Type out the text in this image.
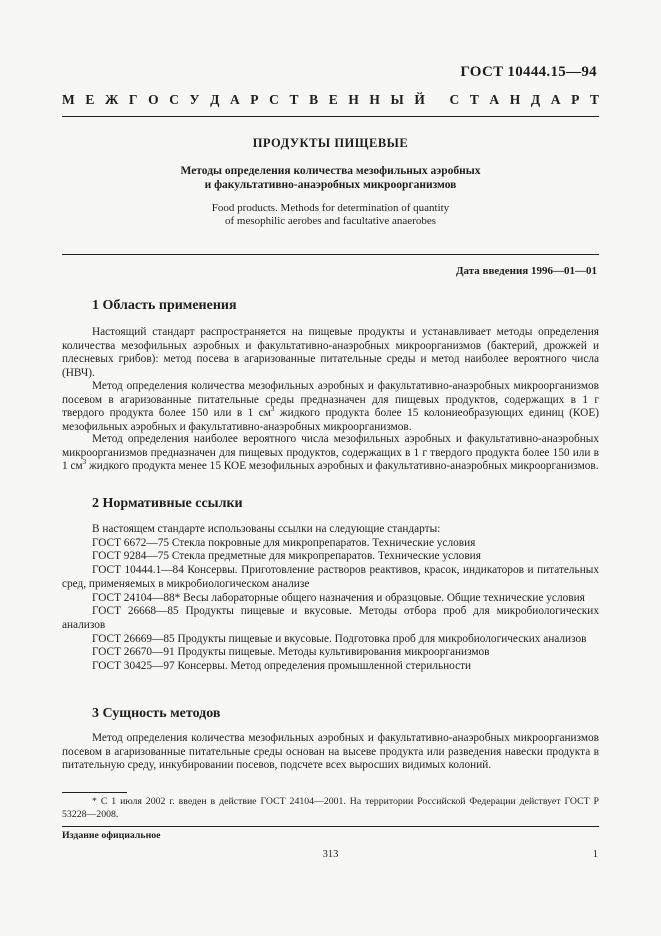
ГОСТ 10444.15—94
М Е Ж Г О С У Д А Р С Т В Е Н Н Ы Й
С Т А Н Д А Р Т
ПРОДУКТЫ ПИЩЕВЫЕ
Методы определения количества мезофильных аэробных
и факультативно-анаэробных микроорганизмов
Food products. Methods for determination of quantity
of mesophilic aerobes and facultative anaerobes
Дата введения 1996—01—01
1 Область применения
Настоящий стандарт распространяется на пищевые продукты и устанавливает методы определения количества мезофильных аэробных и факультативно-анаэробных микроорганизмов (бактерий, дрожжей и плесневых грибов): метод посева в агаризованные питательные среды и метод наиболее вероятного числа (НВЧ).
Метод определения количества мезофильных аэробных и факультативно-анаэробных микроорганизмов посевом в агаризованные питательные среды предназначен для пищевых продуктов, содержащих в 1 г твердого продукта более 150 или в 1 $см^3$ жидкого продукта более 15 колониеобразующих единиц (КОЕ) мезофильных аэробных и факультативно-анаэробных микроорганизмов.
Метод определения наиболее вероятного числа мезофильных аэробных и факультативно-анаэробных микроорганизмов предназначен для пищевых продуктов, содержащих в 1 г твердого продукта более 150 или в 1 $см^3$ жидкого продукта менее 15 КОЕ мезофильных аэробных и факультативно-анаэробных микроорганизмов.
2 Нормативные ссылки
В настоящем стандарте использованы ссылки на следующие стандарты:
ГОСТ 6672—75 Стекла покровные для микропрепаратов. Технические условия
ГОСТ 9284—75 Стекла предметные для микропрепаратов. Технические условия
ГОСТ 10444.1—84 Консервы. Приготовление растворов реактивов, красок, индикаторов и питательных сред, применяемых в микробиологическом анализе
ГОСТ 24104—88* Весы лабораторные общего назначения и образцовые. Общие технические условия
ГОСТ 26668—85 Продукты пищевые и вкусовые. Методы отбора проб для микробиологических анализов
ГОСТ 26669—85 Продукты пищевые и вкусовые. Подготовка проб для микробиологических анализов
ГОСТ 26670—91 Продукты пищевые. Методы культивирования микроорганизмов
ГОСТ 30425—97 Консервы. Метод определения промышленной стерильности
3 Сущность методов
Метод определения количества мезофильных аэробных и факультативно-анаэробных микроорганизмов посевом в агаризованные питательные среды основан на высеве продукта или разведения навески продукта в питательную среду, инкубировании посевов, подсчете всех выросших видимых колоний.
* С 1 июля 2002 г. введен в действие ГОСТ 24104—2001. На территории Российской Федерации действует ГОСТ Р 53228—2008.
Издание официальное
313	1
